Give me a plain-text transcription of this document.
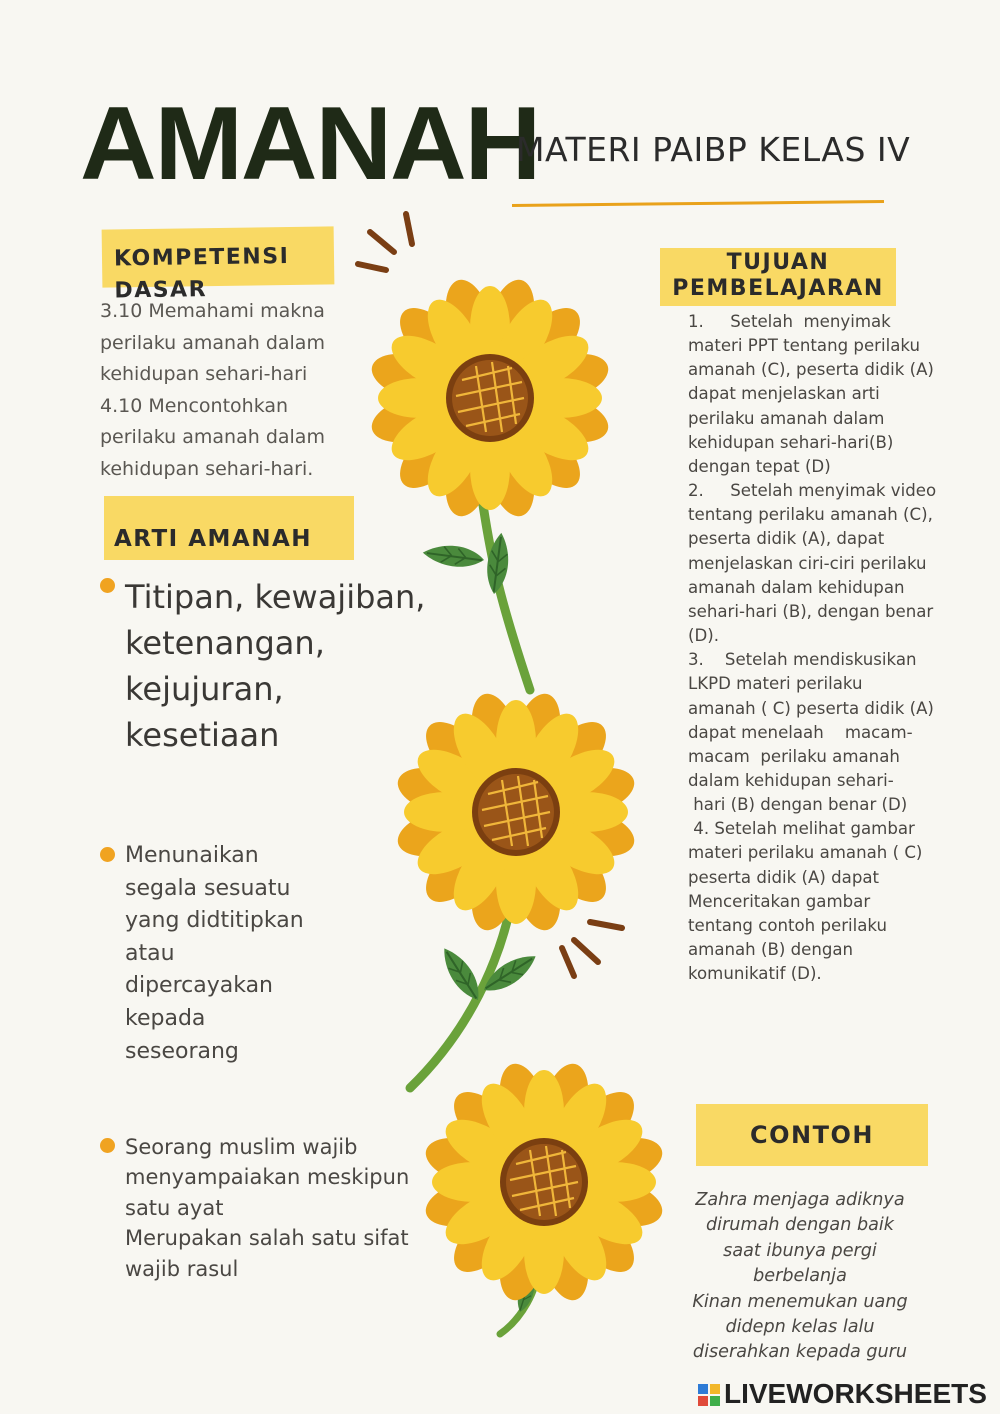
AMANAH
MATERI PAIBP KELAS IV
KOMPETENSI DASAR
3.10 Memahami makna
perilaku amanah dalam
kehidupan sehari-hari
4.10 Mencontohkan
perilaku amanah dalam
kehidupan sehari-hari.
ARTI AMANAH
Titipan, kewajiban,
ketenangan,
kejujuran,
kesetiaan
Menunaikan
segala sesuatu
yang didtitipkan
atau
dipercayakan
kepada
seseorang
Seorang muslim wajib
menyampaiakan meskipun
satu ayat
Merupakan salah satu sifat
wajib rasul
TUJUAN
PEMBELAJARAN
1.     Setelah  menyimak
materi PPT tentang perilaku
amanah (C), peserta didik (A)
dapat menjelaskan arti
perilaku amanah dalam
kehidupan sehari-hari(B)
dengan tepat (D)
2.     Setelah menyimak video
tentang perilaku amanah (C),
peserta didik (A), dapat
menjelaskan ciri-ciri perilaku
amanah dalam kehidupan
sehari-hari (B), dengan benar
(D).
3.    Setelah mendiskusikan
LKPD materi perilaku
amanah ( C) peserta didik (A)
dapat menelaah    macam-
macam  perilaku amanah
dalam kehidupan sehari-
hari (B) dengan benar (D)
4. Setelah melihat gambar
materi perilaku amanah ( C)
peserta didik (A) dapat
Menceritakan gambar
tentang contoh perilaku
amanah (B) dengan
komunikatif (D).
CONTOH
Zahra menjaga adiknya
dirumah dengan baik
saat ibunya pergi
berbelanja
Kinan menemukan uang
didepn kelas lalu
diserahkan kepada guru
LIVEWORKSHEETS
